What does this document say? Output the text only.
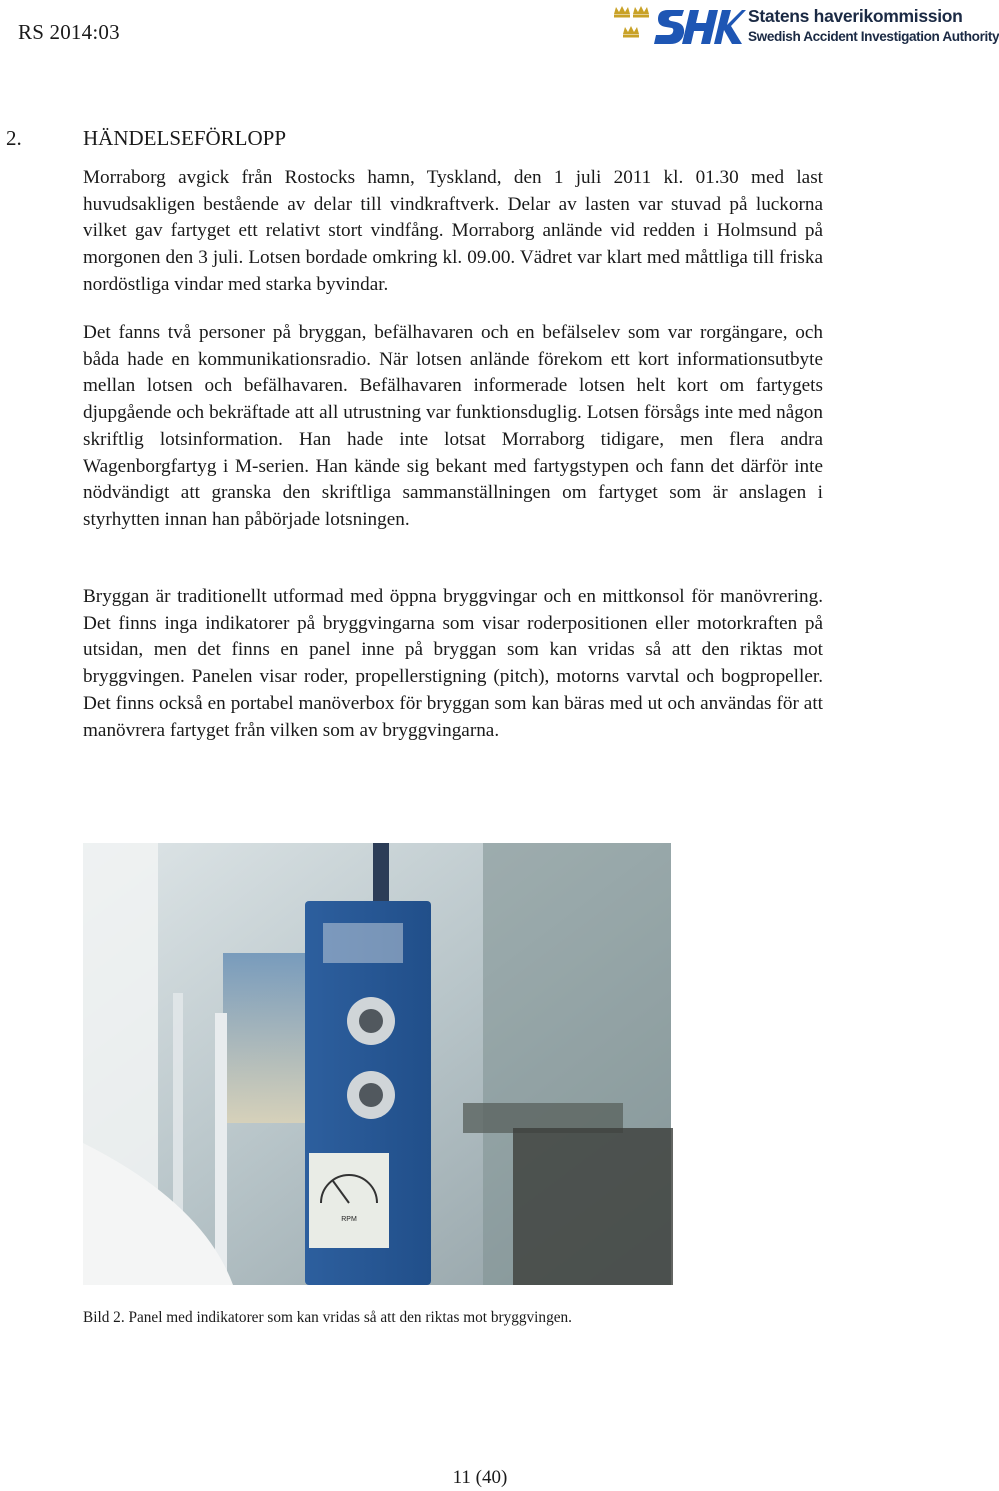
RS 2014:03
Statens haverikommission
Swedish Accident Investigation Authority
2.	HÄNDELSEFÖRLOPP

Morraborg avgick från Rostocks hamn, Tyskland, den 1 juli 2011 kl. 01.30 med last huvudsakligen bestående av delar till vindkraftverk. Delar av lasten var stuvad på luckorna vilket gav fartyget ett relativt stort vindfång. Morraborg anlände vid redden i Holmsund på morgonen den 3 juli. Lotsen bordade omkring kl. 09.00. Vädret var klart med måttliga till friska nordöstliga vindar med starka byvindar.

Det fanns två personer på bryggan, befälhavaren och en befälselev som var rorgängare, och båda hade en kommunikationsradio. När lotsen anlände förekom ett kort informationsutbyte mellan lotsen och befälhavaren. Befälhavaren informerade lotsen helt kort om fartygets djupgående och bekräftade att all utrustning var funktionsduglig. Lotsen försågs inte med någon skriftlig lotsinformation. Han hade inte lotsat Morraborg tidigare, men flera andra Wagenborgfartyg i M-serien. Han kände sig bekant med fartygstypen och fann det därför inte nödvändigt att granska den skriftliga sammanställningen om fartyget som är anslagen i styrhytten innan han påbörjade lotsningen.

Bryggan är traditionellt utformad med öppna bryggvingar och en mittkonsol för manövrering. Det finns inga indikatorer på bryggvingarna som visar roderpositionen eller motorkraften på utsidan, men det finns en panel inne på bryggan som kan vridas så att den riktas mot bryggvingen. Panelen visar roder, propellerstigning (pitch), motorns varvtal och bogpropeller. Det finns också en portabel manöverbox för bryggan som kan bäras med ut och användas för att manövrera fartyget från vilken som av bryggvingarna.

RPM
Bild 2. Panel med indikatorer som kan vridas så att den riktas mot bryggvingen.
11 (40)
